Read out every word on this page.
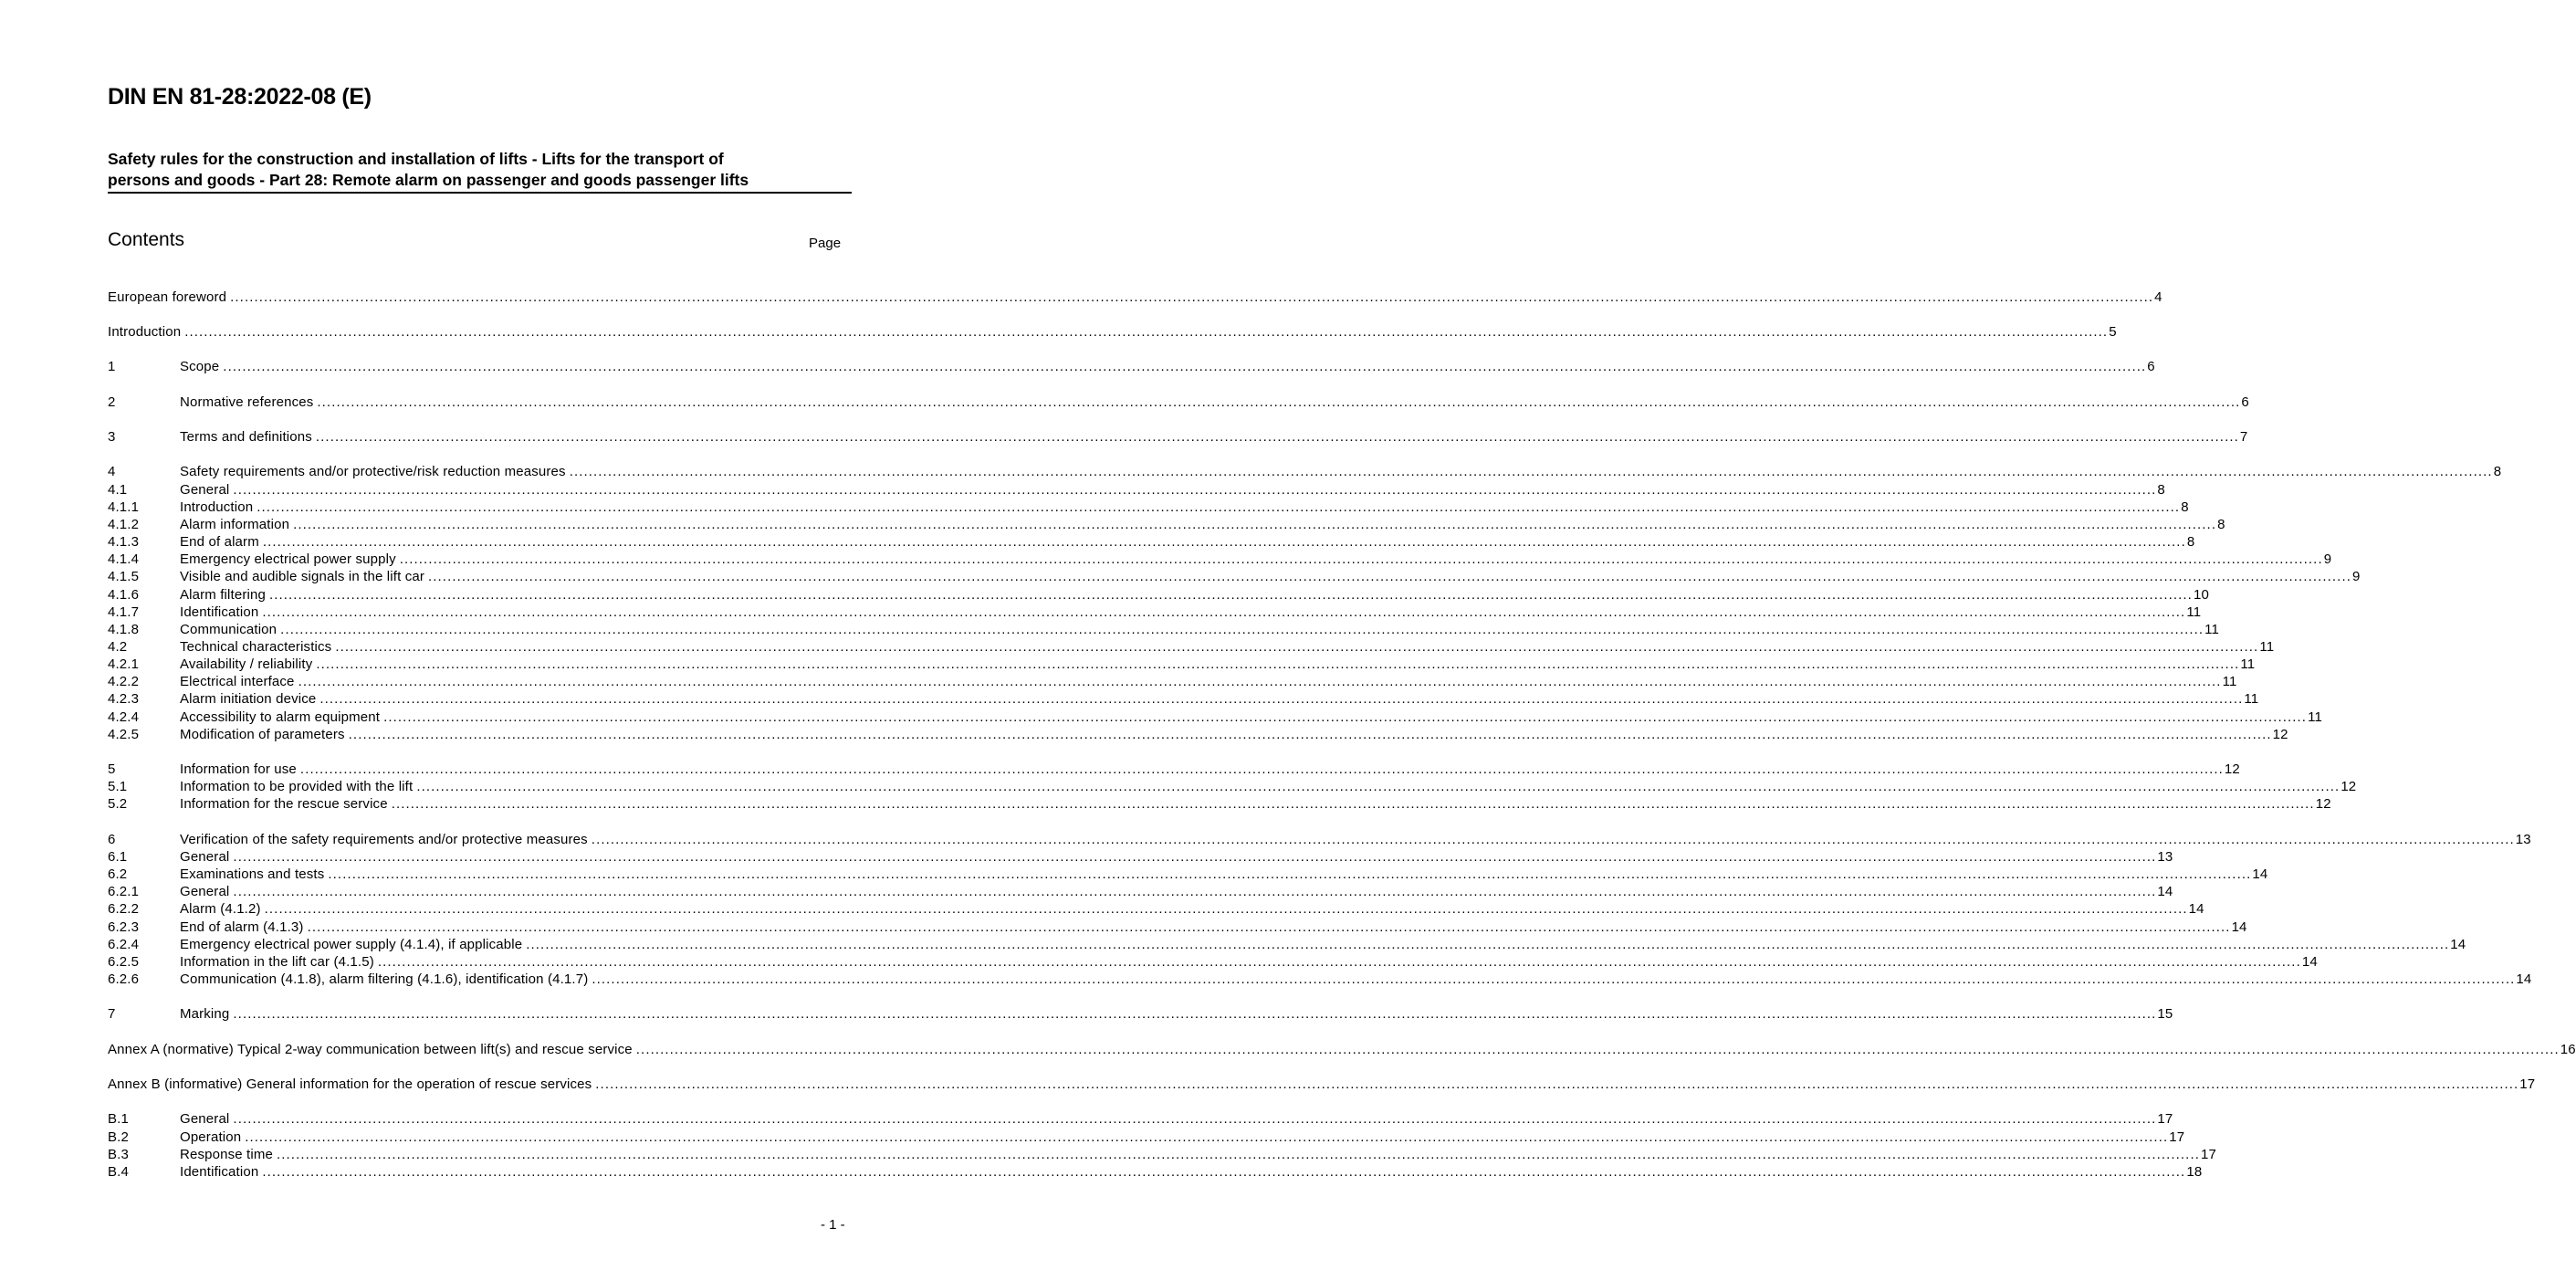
DIN EN 81-28:2022-08 (E)
Safety rules for the construction and installation of lifts - Lifts for the transport of
persons and goods - Part 28: Remote alarm on passenger and goods passenger lifts
Contents	Page
European foreword ................................................................................................................................................................................................................................................................................................................................................................................................................ 4
Introduction ................................................................................................................................................................................................................................................................................................................................................................................................................ 5
1	Scope ................................................................................................................................................................................................................................................................................................................................................................................................................ 6
2	Normative references ................................................................................................................................................................................................................................................................................................................................................................................................................ 6
3	Terms and definitions ................................................................................................................................................................................................................................................................................................................................................................................................................ 7
4	Safety requirements and/or protective/risk reduction measures ................................................................................................................................................................................................................................................................................................................................................................................................................ 8
4.1	General ................................................................................................................................................................................................................................................................................................................................................................................................................ 8
4.1.1	Introduction ................................................................................................................................................................................................................................................................................................................................................................................................................ 8
4.1.2	Alarm information ................................................................................................................................................................................................................................................................................................................................................................................................................ 8
4.1.3	End of alarm ................................................................................................................................................................................................................................................................................................................................................................................................................ 8
4.1.4	Emergency electrical power supply ................................................................................................................................................................................................................................................................................................................................................................................................................ 9
4.1.5	Visible and audible signals in the lift car ................................................................................................................................................................................................................................................................................................................................................................................................................ 9
4.1.6	Alarm filtering ................................................................................................................................................................................................................................................................................................................................................................................................................ 10
4.1.7	Identification ................................................................................................................................................................................................................................................................................................................................................................................................................ 11
4.1.8	Communication ................................................................................................................................................................................................................................................................................................................................................................................................................ 11
4.2	Technical characteristics ................................................................................................................................................................................................................................................................................................................................................................................................................ 11
4.2.1	Availability / reliability ................................................................................................................................................................................................................................................................................................................................................................................................................ 11
4.2.2	Electrical interface ................................................................................................................................................................................................................................................................................................................................................................................................................ 11
4.2.3	Alarm initiation device ................................................................................................................................................................................................................................................................................................................................................................................................................ 11
4.2.4	Accessibility to alarm equipment ................................................................................................................................................................................................................................................................................................................................................................................................................ 11
4.2.5	Modification of parameters ................................................................................................................................................................................................................................................................................................................................................................................................................ 12
5	Information for use ................................................................................................................................................................................................................................................................................................................................................................................................................ 12
5.1	Information to be provided with the lift ................................................................................................................................................................................................................................................................................................................................................................................................................ 12
5.2	Information for the rescue service ................................................................................................................................................................................................................................................................................................................................................................................................................ 12
6	Verification of the safety requirements and/or protective measures ................................................................................................................................................................................................................................................................................................................................................................................................................ 13
6.1	General ................................................................................................................................................................................................................................................................................................................................................................................................................ 13
6.2	Examinations and tests ................................................................................................................................................................................................................................................................................................................................................................................................................ 14
6.2.1	General ................................................................................................................................................................................................................................................................................................................................................................................................................ 14
6.2.2	Alarm (4.1.2) ................................................................................................................................................................................................................................................................................................................................................................................................................ 14
6.2.3	End of alarm (4.1.3) ................................................................................................................................................................................................................................................................................................................................................................................................................ 14
6.2.4	Emergency electrical power supply (4.1.4), if applicable ................................................................................................................................................................................................................................................................................................................................................................................................................ 14
6.2.5	Information in the lift car (4.1.5) ................................................................................................................................................................................................................................................................................................................................................................................................................ 14
6.2.6	Communication (4.1.8), alarm filtering (4.1.6), identification (4.1.7) ................................................................................................................................................................................................................................................................................................................................................................................................................ 14
7	Marking ................................................................................................................................................................................................................................................................................................................................................................................................................ 15
Annex A (normative) Typical 2-way communication between lift(s) and rescue service ................................................................................................................................................................................................................................................................................................................................................................................................................ 16
Annex B (informative) General information for the operation of rescue services ................................................................................................................................................................................................................................................................................................................................................................................................................ 17
B.1	General ................................................................................................................................................................................................................................................................................................................................................................................................................ 17
B.2	Operation ................................................................................................................................................................................................................................................................................................................................................................................................................ 17
B.3	Response time ................................................................................................................................................................................................................................................................................................................................................................................................................ 17
B.4	Identification ................................................................................................................................................................................................................................................................................................................................................................................................................ 18
- 1 -
